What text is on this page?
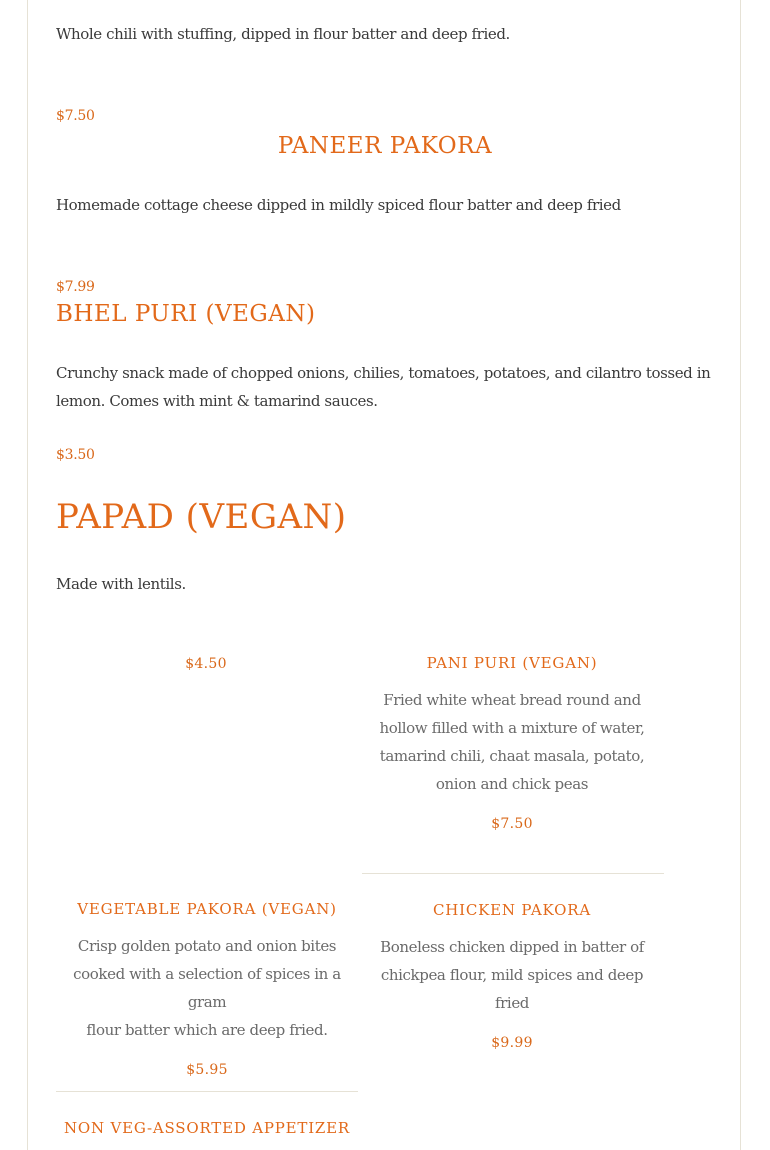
Whole chili with stuffing, dipped in flour batter and deep fried.
$7.50
PANEER PAKORA
Homemade cottage cheese dipped in mildly spiced flour batter and deep fried
$7.99
BHEL PURI (VEGAN)
Crunchy snack made of chopped onions, chilies, tomatoes, potatoes, and cilantro tossed in
lemon. Comes with mint & tamarind sauces.
$3.50
PAPAD (VEGAN)
Made with lentils.
$4.50	PANI PURI (VEGAN)
Fried white wheat bread round and
hollow filled with a mixture of water,
tamarind chili, chaat masala, potato,
onion and chick peas
$7.50
VEGETABLE PAKORA (VEGAN)
Crisp golden potato and onion bites
cooked with a selection of spices in a gram
flour batter which are deep fried.
$5.95
CHICKEN PAKORA
Boneless chicken dipped in batter of
chickpea flour, mild spices and deep fried
$9.99
NON VEG-ASSORTED APPETIZER
